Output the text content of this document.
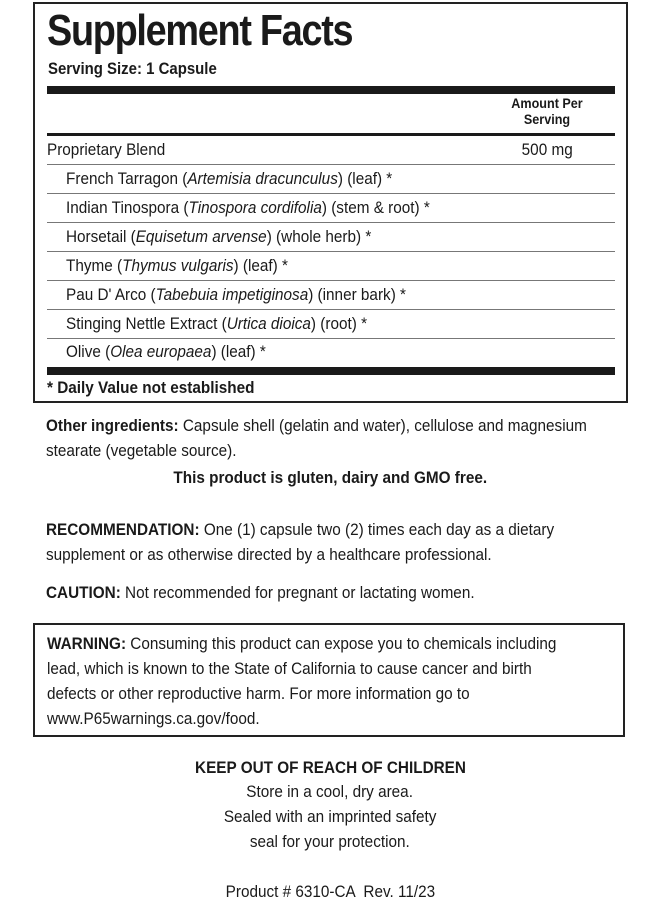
Supplement Facts
Serving Size: 1 Capsule
Amount Per
Serving
Proprietary Blend	500 mg
French Tarragon (Artemisia dracunculus) (leaf) *
Indian Tinospora (Tinospora cordifolia) (stem & root) *
Horsetail (Equisetum arvense) (whole herb) *
Thyme (Thymus vulgaris) (leaf) *
Pau D' Arco (Tabebuia impetiginosa) (inner bark) *
Stinging Nettle Extract (Urtica dioica) (root) *
Olive (Olea europaea) (leaf) *
* Daily Value not established
Other ingredients: Capsule shell (gelatin and water), cellulose and magnesium
stearate (vegetable source).
This product is gluten, dairy and GMO free.
RECOMMENDATION: One (1) capsule two (2) times each day as a dietary
supplement or as otherwise directed by a healthcare professional.
CAUTION: Not recommended for pregnant or lactating women.
WARNING: Consuming this product can expose you to chemicals including
lead, which is known to the State of California to cause cancer and birth
defects or other reproductive harm. For more information go to
www.P65warnings.ca.gov/food.
KEEP OUT OF REACH OF CHILDREN
Store in a cool, dry area.
Sealed with an imprinted safety
seal for your protection.
Product # 6310-CA  Rev. 11/23
